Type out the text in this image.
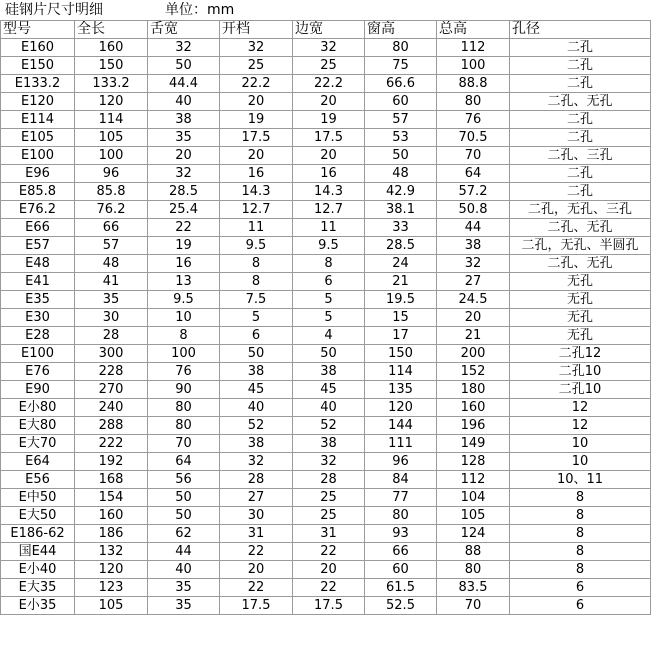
硅钢片尺寸明细	单位：mm
型号	全长	舌宽	开档	边宽	窗高	总高	孔径
E160	160	32	32	32	80	112	二孔
E150	150	50	25	25	75	100	二孔
E133.2	133.2	44.4	22.2	22.2	66.6	88.8	二孔
E120	120	40	20	20	60	80	二孔、无孔
E114	114	38	19	19	57	76	二孔
E105	105	35	17.5	17.5	53	70.5	二孔
E100	100	20	20	20	50	70	二孔、三孔
E96	96	32	16	16	48	64	二孔
E85.8	85.8	28.5	14.3	14.3	42.9	57.2	二孔
E76.2	76.2	25.4	12.7	12.7	38.1	50.8	二孔，无孔、三孔
E66	66	22	11	11	33	44	二孔、无孔
E57	57	19	9.5	9.5	28.5	38	二孔，无孔、半圆孔
E48	48	16	8	8	24	32	二孔、无孔
E41	41	13	8	6	21	27	无孔
E35	35	9.5	7.5	5	19.5	24.5	无孔
E30	30	10	5	5	15	20	无孔
E28	28	8	6	4	17	21	无孔
E100	300	100	50	50	150	200	二孔12
E76	228	76	38	38	114	152	二孔10
E90	270	90	45	45	135	180	二孔10
E小80	240	80	40	40	120	160	12
E大80	288	80	52	52	144	196	12
E大70	222	70	38	38	111	149	10
E64	192	64	32	32	96	128	10
E56	168	56	28	28	84	112	10、11
E中50	154	50	27	25	77	104	8
E大50	160	50	30	25	80	105	8
E186-62	186	62	31	31	93	124	8
国E44	132	44	22	22	66	88	8
E小40	120	40	20	20	60	80	8
E大35	123	35	22	22	61.5	83.5	6
E小35	105	35	17.5	17.5	52.5	70	6
